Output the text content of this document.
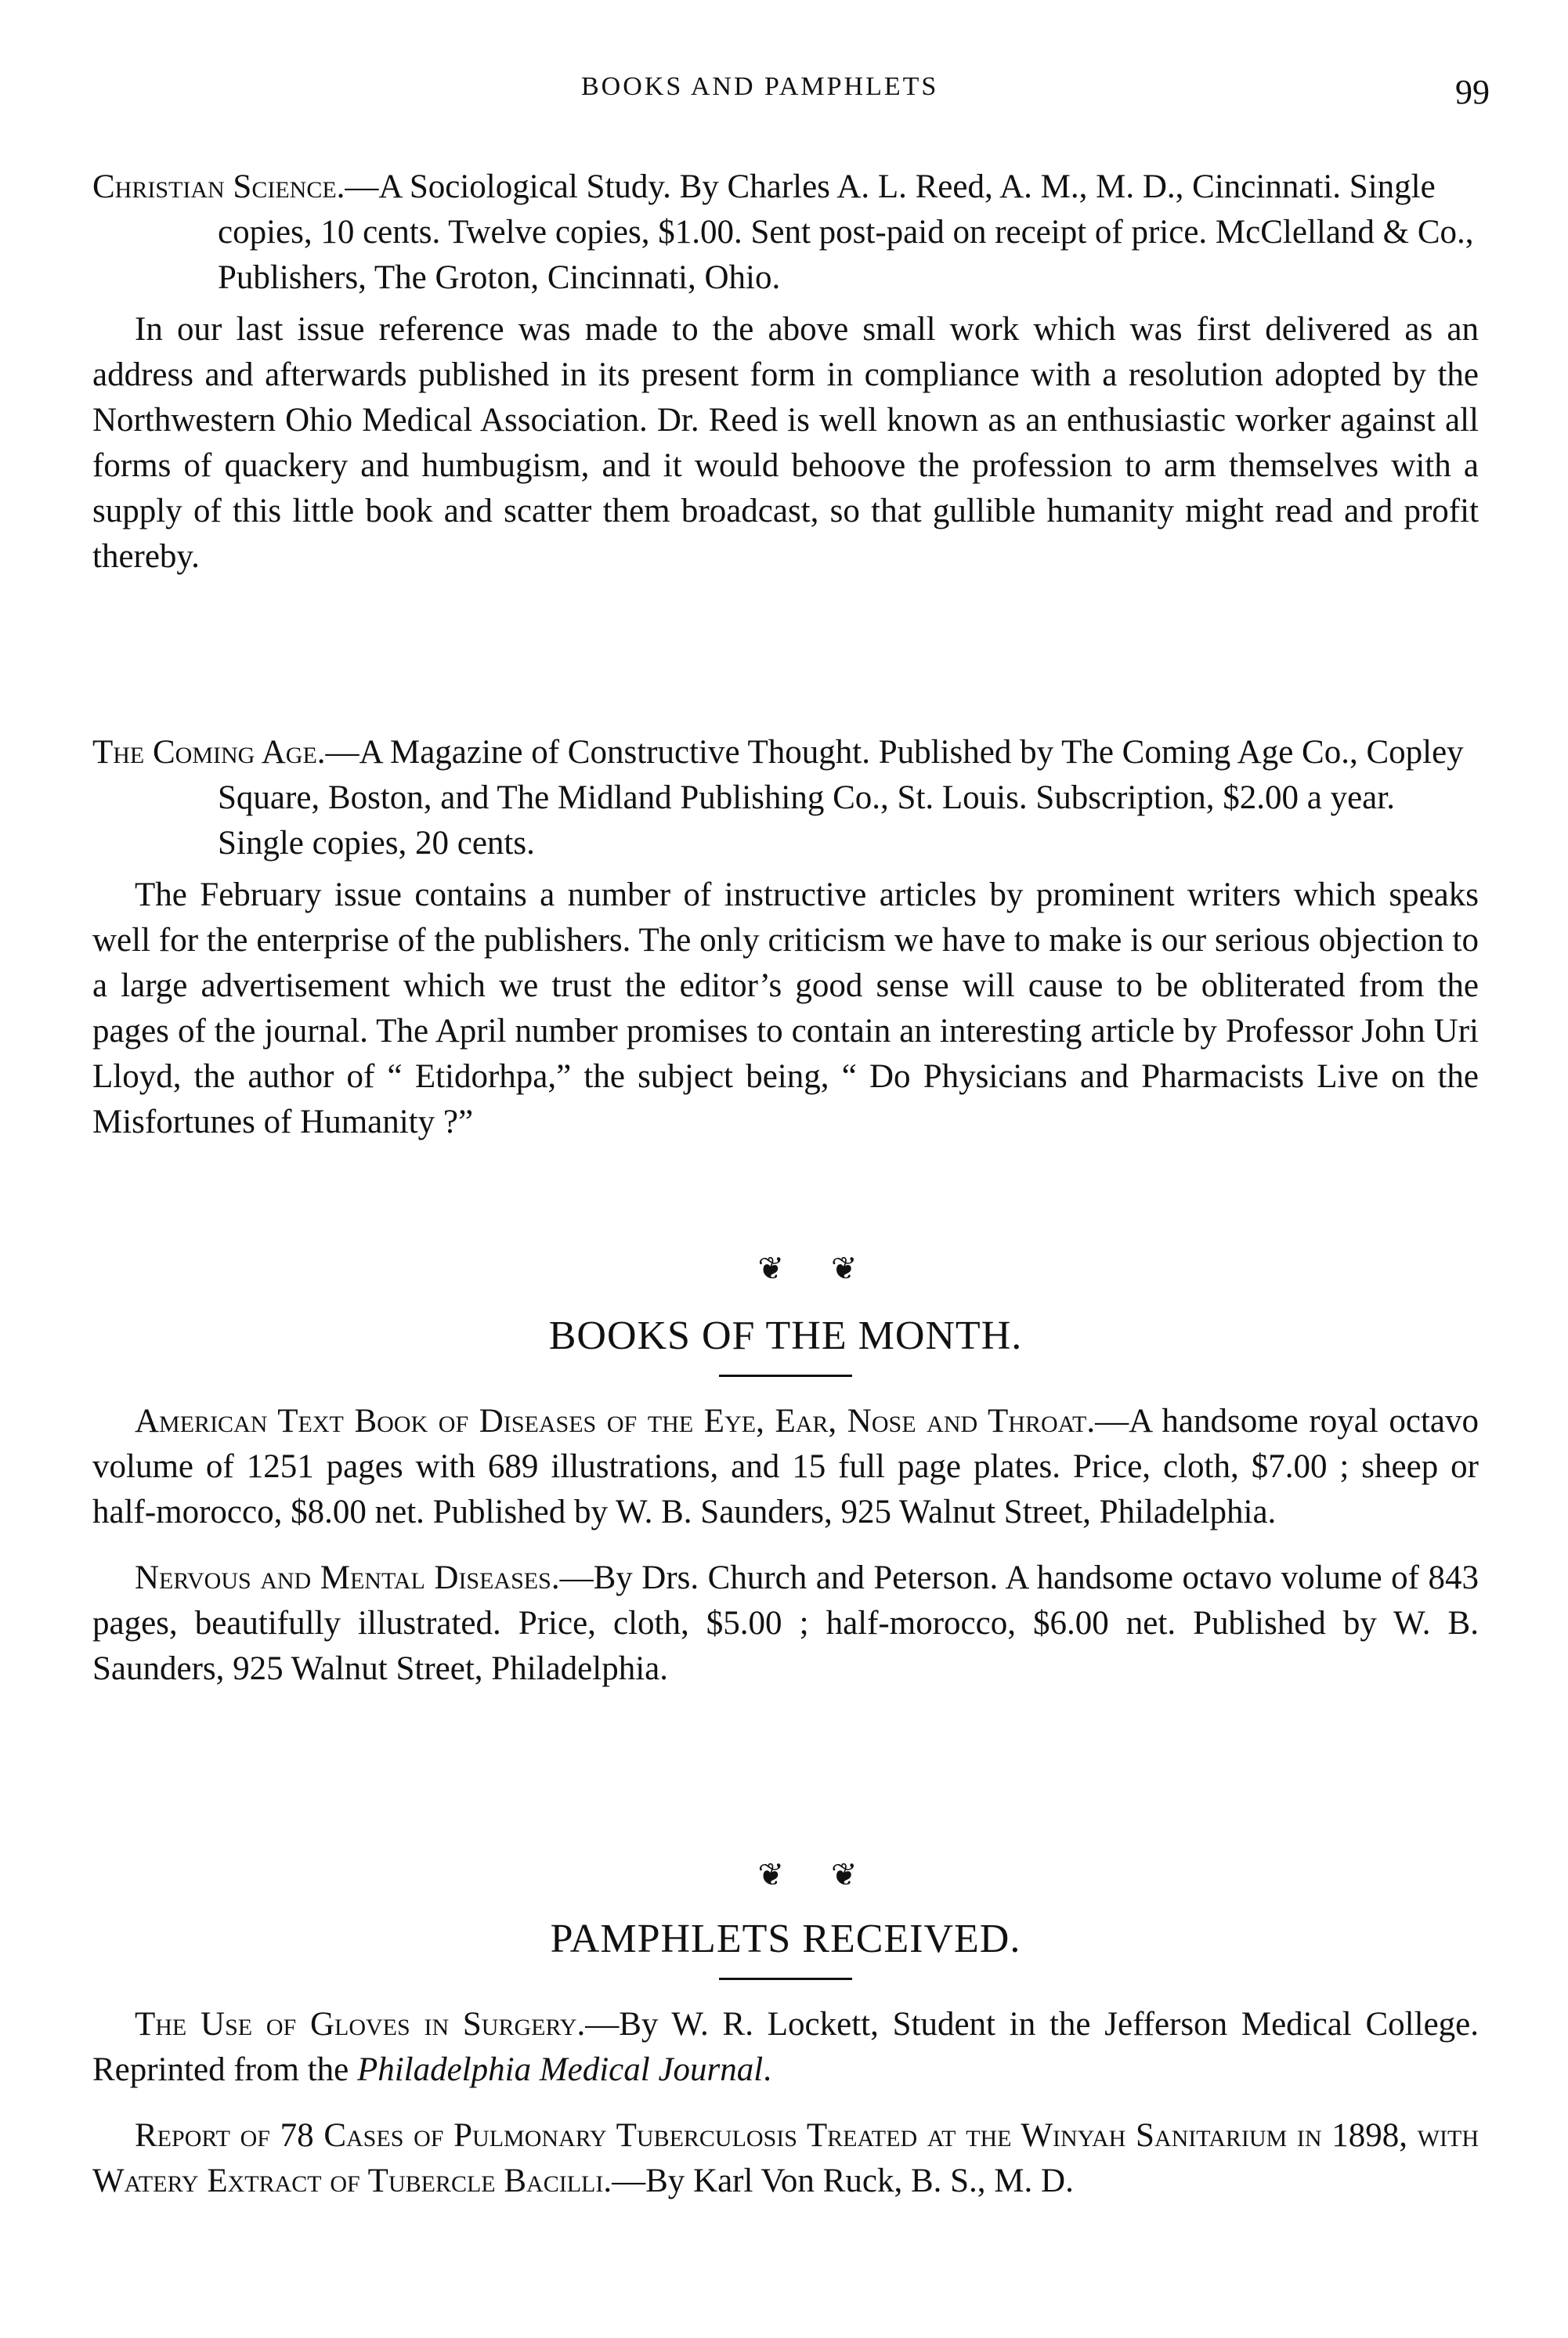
BOOKS AND PAMPHLETS	99

Christian Science.—A Sociological Study. By Charles A. L. Reed, A. M., M. D., Cincinnati. Single copies, 10 cents. Twelve copies, $1.00. Sent post-paid on receipt of price. McClelland & Co., Publishers, The Groton, Cincinnati, Ohio.

In our last issue reference was made to the above small work which was first delivered as an address and afterwards published in its present form in compliance with a resolution adopted by the Northwestern Ohio Medical Association. Dr. Reed is well known as an enthusiastic worker against all forms of quackery and humbugism, and it would behoove the profession to arm themselves with a supply of this little book and scatter them broadcast, so that gullible humanity might read and profit thereby.

The Coming Age.—A Magazine of Constructive Thought. Published by The Coming Age Co., Copley Square, Boston, and The Midland Publishing Co., St. Louis. Subscription, $2.00 a year. Single copies, 20 cents.

The February issue contains a number of instructive articles by prominent writers which speaks well for the enterprise of the publishers. The only criticism we have to make is our serious objection to a large advertisement which we trust the editor’s good sense will cause to be obliterated from the pages of the journal. The April number promises to contain an interesting article by Professor John Uri Lloyd, the author of “ Etidorhpa,” the subject being, “ Do Physicians and Pharmacists Live on the Misfortunes of Humanity ?”

❦❦

BOOKS OF THE MONTH.

American Text Book of Diseases of the Eye, Ear, Nose and Throat.—A handsome royal octavo volume of 1251 pages with 689 illustrations, and 15 full page plates. Price, cloth, $7.00 ; sheep or half-morocco, $8.00 net. Published by W. B. Saunders, 925 Walnut Street, Philadelphia.

Nervous and Mental Diseases.—By Drs. Church and Peterson. A handsome octavo volume of 843 pages, beautifully illustrated. Price, cloth, $5.00 ; half-morocco, $6.00 net. Published by W. B. Saunders, 925 Walnut Street, Philadelphia.

❦❦

PAMPHLETS RECEIVED.

The Use of Gloves in Surgery.—By W. R. Lockett, Student in the Jefferson Medical College. Reprinted from the Philadelphia Medical Journal.

Report of 78 Cases of Pulmonary Tuberculosis Treated at the Winyah Sanitarium in 1898, with Watery Extract of Tubercle Bacilli.—By Karl Von Ruck, B. S., M. D.
